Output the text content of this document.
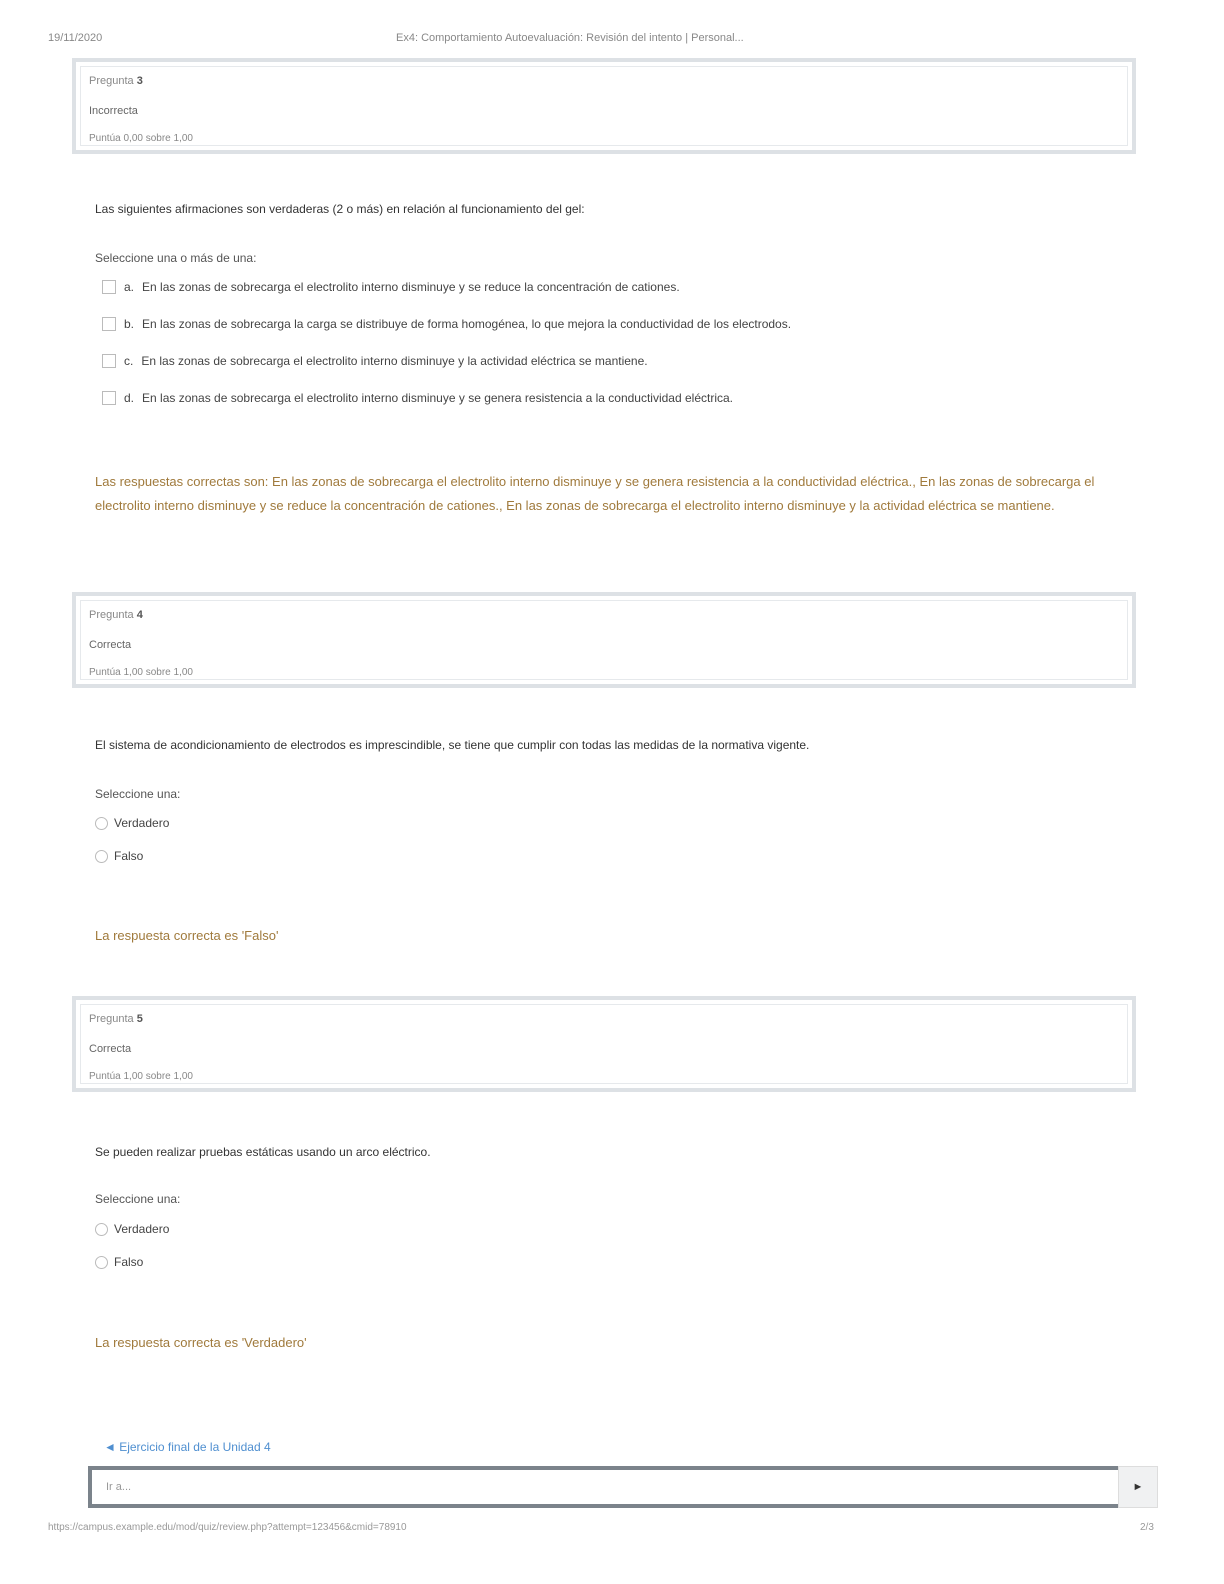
19/11/2020	Ex4: Comportamiento Autoevaluación: Revisión del intento | Personal...
Pregunta 3
Incorrecta
Puntúa 0,00 sobre 1,00
Las siguientes afirmaciones son verdaderas (2 o más) en relación al funcionamiento del gel:
Seleccione una o más de una:
a. En las zonas de sobrecarga el electrolito interno disminuye y se reduce la concentración de cationes.
b. En las zonas de sobrecarga la carga se distribuye de forma homogénea, lo que mejora la conductividad de los electrodos.
c. En las zonas de sobrecarga el electrolito interno disminuye y la actividad eléctrica se mantiene.
d. En las zonas de sobrecarga el electrolito interno disminuye y se genera resistencia a la conductividad eléctrica.
Las respuestas correctas son: En las zonas de sobrecarga el electrolito interno disminuye y se genera resistencia a la conductividad eléctrica., En las zonas de sobrecarga el electrolito interno disminuye y se reduce la concentración de cationes., En las zonas de sobrecarga el electrolito interno disminuye y la actividad eléctrica se mantiene.
Pregunta 4
Correcta
Puntúa 1,00 sobre 1,00
El sistema de acondicionamiento de electrodos es imprescindible, se tiene que cumplir con todas las medidas de la normativa vigente.
Seleccione una:
Verdadero
Falso
La respuesta correcta es 'Falso'
Pregunta 5
Correcta
Puntúa 1,00 sobre 1,00
Se pueden realizar pruebas estáticas usando un arco eléctrico.
Seleccione una:
Verdadero
Falso
La respuesta correcta es 'Verdadero'
◄ Ejercicio final de la Unidad 4
Ir a...	►
https://campus.example.edu/mod/quiz/review.php?attempt=123456&cmid=78910	2/3
